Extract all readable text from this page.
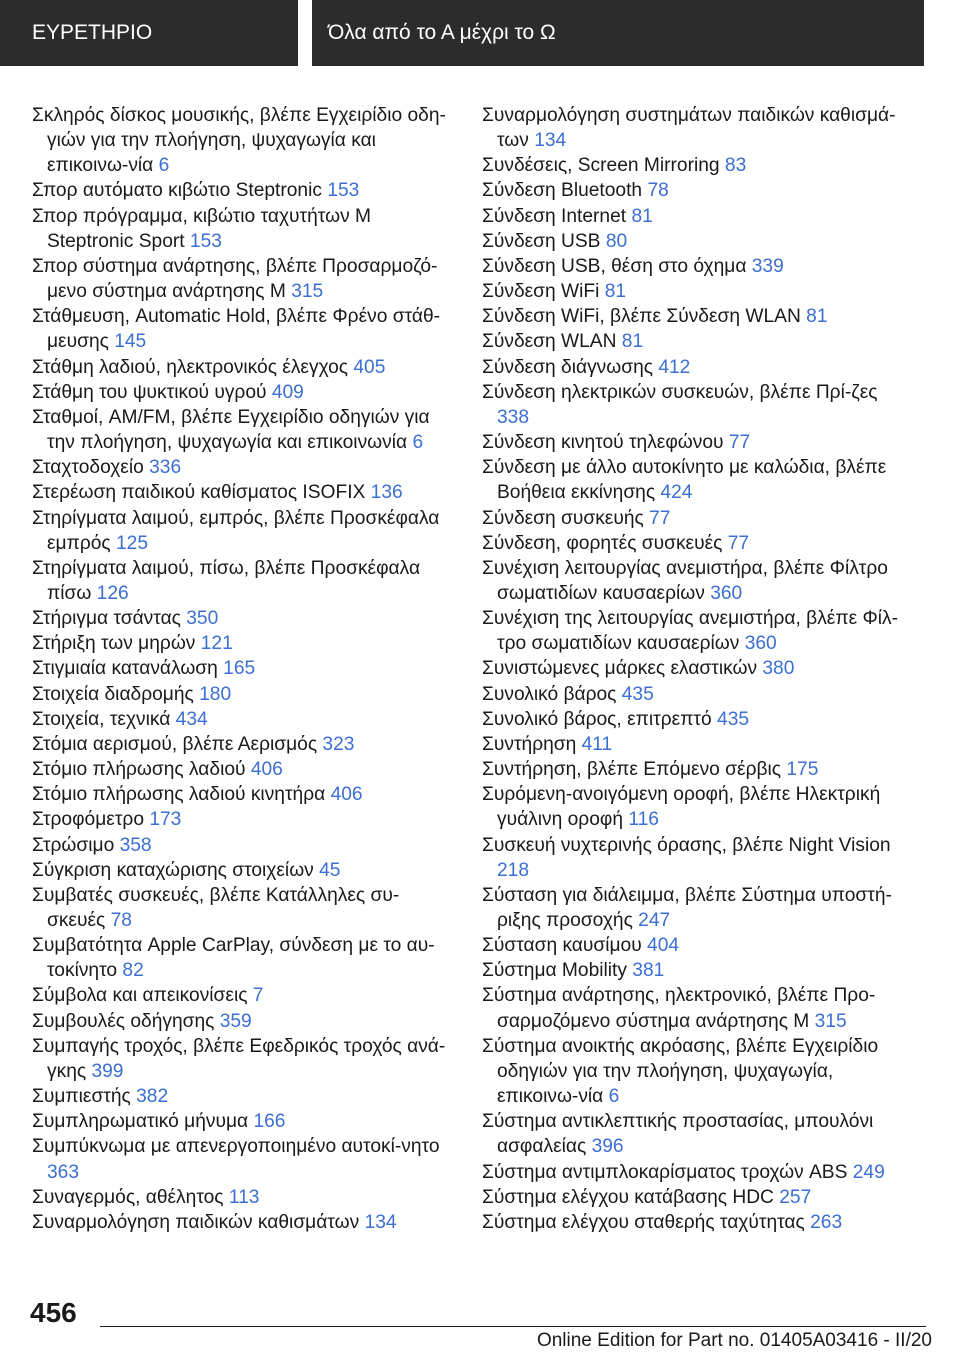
ΕΥΡΕΤΗΡΙΟ	Όλα από το Α μέχρι το Ω
Σκληρός δίσκος μουσικής, βλέπε Εγχειρίδιο οδη‐γιών για την πλοήγηση, ψυχαγωγία και επικοινω‐νία 6
Σπορ αυτόματο κιβώτιο Steptronic 153
Σπορ πρόγραμμα, κιβώτιο ταχυτήτων M Steptronic Sport 153
Σπορ σύστημα ανάρτησης, βλέπε Προσαρμοζό‐μενο σύστημα ανάρτησης M 315
Στάθμευση, Automatic Hold, βλέπε Φρένο στάθ‐μευσης 145
Στάθμη λαδιού, ηλεκτρονικός έλεγχος 405
Στάθμη του ψυκτικού υγρού 409
Σταθμοί, AM/FM, βλέπε Εγχειρίδιο οδηγιών για την πλοήγηση, ψυχαγωγία και επικοινωνία 6
Σταχτοδοχείο 336
Στερέωση παιδικού καθίσματος ISOFIX 136
Στηρίγματα λαιμού, εμπρός, βλέπε Προσκέφαλα εμπρός 125
Στηρίγματα λαιμού, πίσω, βλέπε Προσκέφαλα πίσω 126
Στήριγμα τσάντας 350
Στήριξη των μηρών 121
Στιγμιαία κατανάλωση 165
Στοιχεία διαδρομής 180
Στοιχεία, τεχνικά 434
Στόμια αερισμού, βλέπε Αερισμός 323
Στόμιο πλήρωσης λαδιού 406
Στόμιο πλήρωσης λαδιού κινητήρα 406
Στροφόμετρο 173
Στρώσιμο 358
Σύγκριση καταχώρισης στοιχείων 45
Συμβατές συσκευές, βλέπε Κατάλληλες συ‐σκευές 78
Συμβατότητα Apple CarPlay, σύνδεση με το αυ‐τοκίνητο 82
Σύμβολα και απεικονίσεις 7
Συμβουλές οδήγησης 359
Συμπαγής τροχός, βλέπε Εφεδρικός τροχός ανά‐γκης 399
Συμπιεστής 382
Συμπληρωματικό μήνυμα 166
Συμπύκνωμα με απενεργοποιημένο αυτοκί‐νητο 363
Συναγερμός, αθέλητος 113
Συναρμολόγηση παιδικών καθισμάτων 134
Συναρμολόγηση συστημάτων παιδικών καθισμά‐των 134
Συνδέσεις, Screen Mirroring 83
Σύνδεση Bluetooth 78
Σύνδεση Internet 81
Σύνδεση USB 80
Σύνδεση USB, θέση στο όχημα 339
Σύνδεση WiFi 81
Σύνδεση WiFi, βλέπε Σύνδεση WLAN 81
Σύνδεση WLAN 81
Σύνδεση διάγνωσης 412
Σύνδεση ηλεκτρικών συσκευών, βλέπε Πρί‐ζες 338
Σύνδεση κινητού τηλεφώνου 77
Σύνδεση με άλλο αυτοκίνητο με καλώδια, βλέπε Βοήθεια εκκίνησης 424
Σύνδεση συσκευής 77
Σύνδεση, φορητές συσκευές 77
Συνέχιση λειτουργίας ανεμιστήρα, βλέπε Φίλτρο σωματιδίων καυσαερίων 360
Συνέχιση της λειτουργίας ανεμιστήρα, βλέπε Φίλ‐τρο σωματιδίων καυσαερίων 360
Συνιστώμενες μάρκες ελαστικών 380
Συνολικό βάρος 435
Συνολικό βάρος, επιτρεπτό 435
Συντήρηση 411
Συντήρηση, βλέπε Επόμενο σέρβις 175
Συρόμενη-ανοιγόμενη οροφή, βλέπε Ηλεκτρική γυάλινη οροφή 116
Συσκευή νυχτερινής όρασης, βλέπε Night Vision 218
Σύσταση για διάλειμμα, βλέπε Σύστημα υποστή‐ριξης προσοχής 247
Σύσταση καυσίμου 404
Σύστημα Mobility 381
Σύστημα ανάρτησης, ηλεκτρονικό, βλέπε Προ‐σαρμοζόμενο σύστημα ανάρτησης M 315
Σύστημα ανοικτής ακρόασης, βλέπε Εγχειρίδιο οδηγιών για την πλοήγηση, ψυχαγωγία, επικοινω‐νία 6
Σύστημα αντικλεπτικής προστασίας, μπουλόνι ασφαλείας 396
Σύστημα αντιμπλοκαρίσματος τροχών ABS 249
Σύστημα ελέγχου κατάβασης HDC 257
Σύστημα ελέγχου σταθερής ταχύτητας 263
456
Online Edition for Part no. 01405A03416 - II/20
